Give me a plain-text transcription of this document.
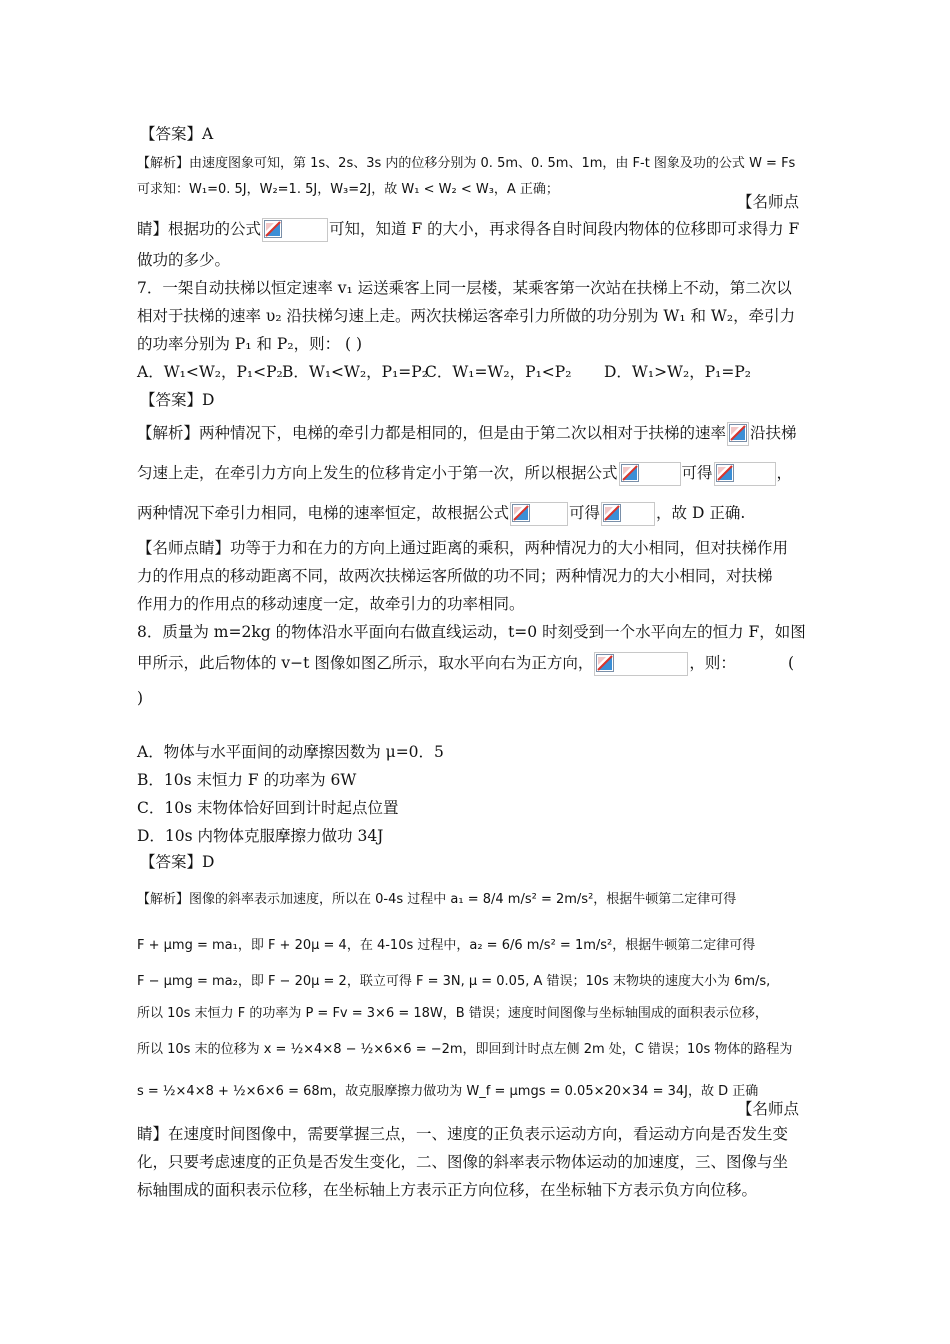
【答案】A
【解析】由速度图象可知，第 1s、2s、3s 内的位移分别为 0. 5m、0. 5m、1m，由 F-t 图象及功的公式 W = Fs
可求知：W₁=0. 5J，W₂=1. 5J，W₃=2J，故 W₁ < W₂ < W₃，A 正确；
【名师点
睛】根据功的公式	可知，知道 F 的大小，再求得各自时间段内物体的位移即可求得力 F
做功的多少。
7．一架自动扶梯以恒定速率 v₁ 运送乘客上同一层楼，某乘客第一次站在扶梯上不动，第二次以
相对于扶梯的速率 υ₂ 沿扶梯匀速上走。两次扶梯运客牵引力所做的功分别为 W₁ 和 W₂，牵引力
的功率分别为 P₁ 和 P₂，则： ( )
A．W₁<W₂，P₁<P₂ B．W₁<W₂，P₁=P₂
C．W₁=W₂，P₁<P₂ D．W₁>W₂，P₁=P₂
【答案】D
【解析】两种情况下，电梯的牵引力都是相同的，但是由于第二次以相对于扶梯的速率 沿扶梯
匀速上走，在牵引力方向上发生的位移肯定小于第一次，所以根据公式	可得	，
两种情况下牵引力相同，电梯的速率恒定，故根据公式	可得	，故 D 正确.
【名师点睛】功等于力和在力的方向上通过距离的乘积，两种情况力的大小相同，但对扶梯作用
力的作用点的移动距离不同，故两次扶梯运客所做的功不同；两种情况力的大小相同，对扶梯
作用力的作用点的移动速度一定，故牵引力的功率相同。
8．质量为 m=2kg 的物体沿水平面向右做直线运动，t=0 时刻受到一个水平向左的恒力 F，如图
甲所示，此后物体的 v−t 图像如图乙所示，取水平向右为正方向，	，则：	(
)
A．物体与水平面间的动摩擦因数为 μ=0．5
B．10s 末恒力 F 的功率为 6W
C．10s 末物体恰好回到计时起点位置
D．10s 内物体克服摩擦力做功 34J
【答案】D
【解析】图像的斜率表示加速度，所以在 0-4s 过程中 a₁ = 8/4 m/s² = 2m/s²，根据牛顿第二定律可得
F + μmg = ma₁，即 F + 20μ = 4，在 4-10s 过程中，a₂ = 6/6 m/s² = 1m/s²，根据牛顿第二定律可得
F − μmg = ma₂，即 F − 20μ = 2，联立可得 F = 3N, μ = 0.05, A 错误；10s 末物块的速度大小为 6m/s,
所以 10s 末恒力 F 的功率为 P = Fv = 3×6 = 18W，B 错误；速度时间图像与坐标轴围成的面积表示位移，
所以 10s 末的位移为 x = ½×4×8 − ½×6×6 = −2m，即回到计时点左侧 2m 处，C 错误；10s 物体的路程为
s = ½×4×8 + ½×6×6 = 68m，故克服摩擦力做功为 W_f = μmgs = 0.05×20×34 = 34J，故 D 正确
【名师点
睛】在速度时间图像中，需要掌握三点，一、速度的正负表示运动方向，看运动方向是否发生变
化，只要考虑速度的正负是否发生变化，二、图像的斜率表示物体运动的加速度，三、图像与坐
标轴围成的面积表示位移，在坐标轴上方表示正方向位移，在坐标轴下方表示负方向位移。
